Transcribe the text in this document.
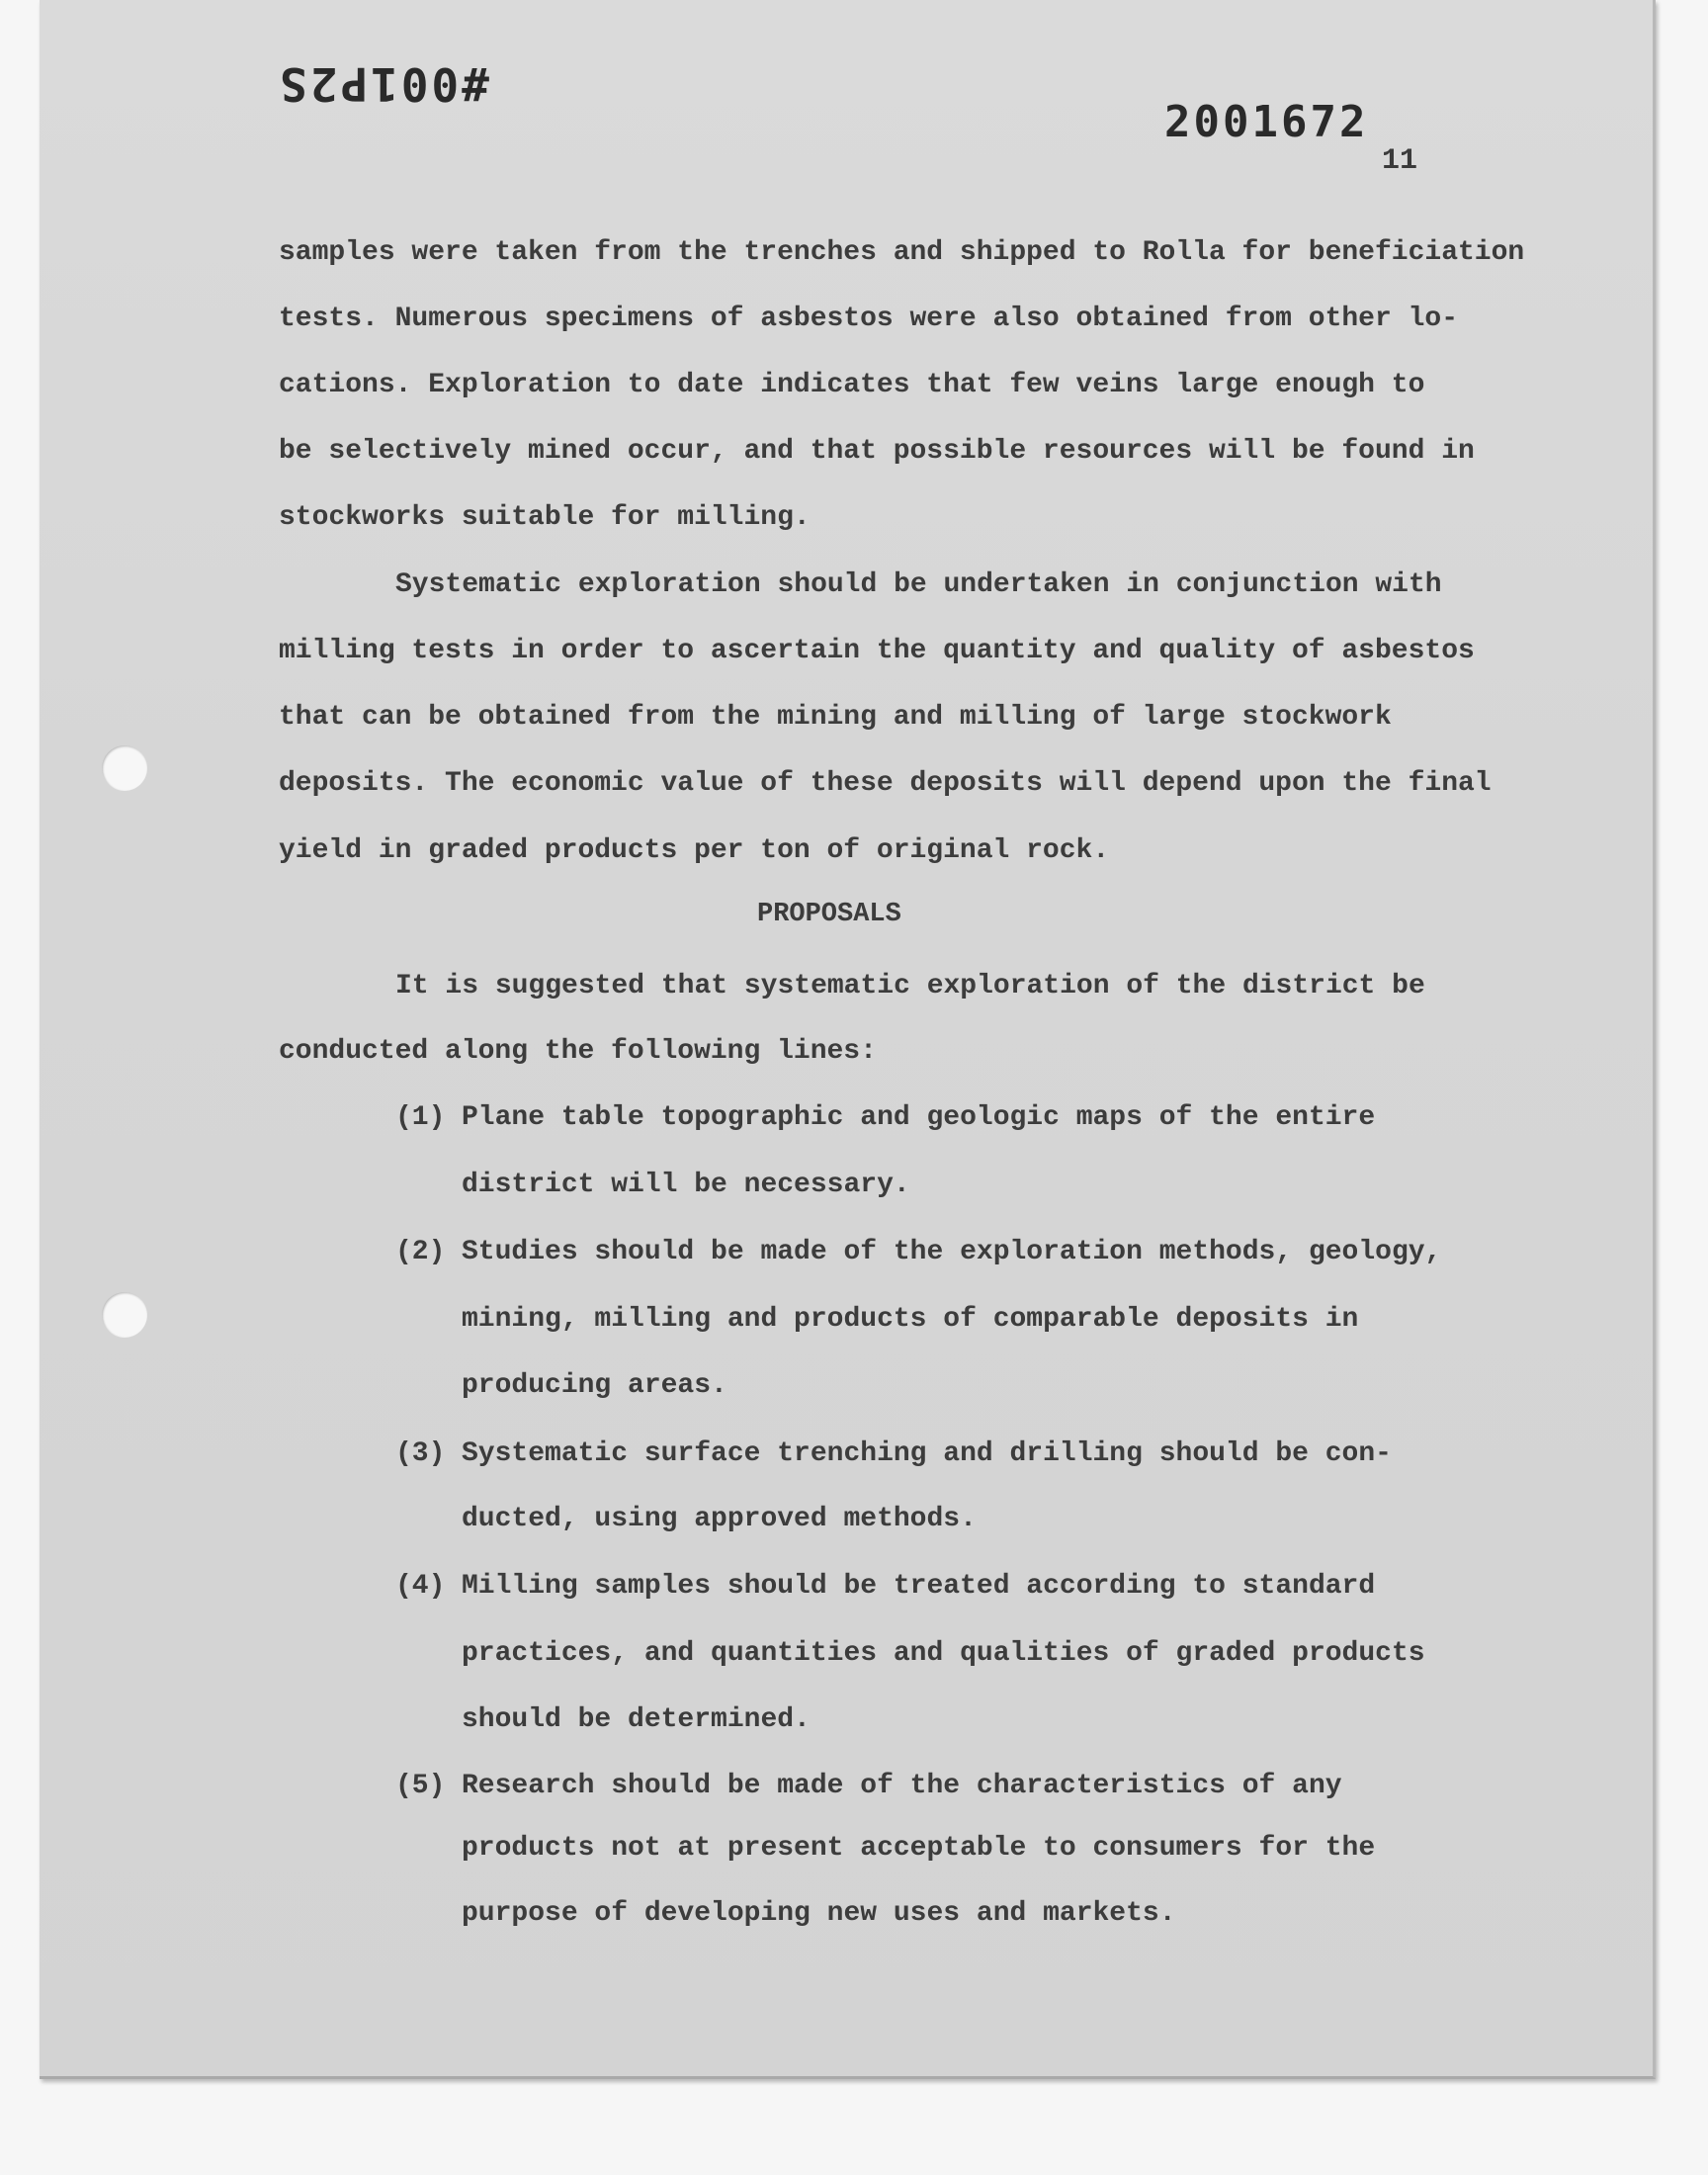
#001P2S
2001672
11
samples were taken from the trenches and shipped to Rolla for beneficiation
tests. Numerous specimens of asbestos were also obtained from other lo-
cations. Exploration to date indicates that few veins large enough to
be selectively mined occur, and that possible resources will be found in
stockworks suitable for milling.
Systematic exploration should be undertaken in conjunction with
milling tests in order to ascertain the quantity and quality of asbestos
that can be obtained from the mining and milling of large stockwork
deposits. The economic value of these deposits will depend upon the final
yield in graded products per ton of original rock.
PROPOSALS
It is suggested that systematic exploration of the district be
conducted along the following lines:
(1) Plane table topographic and geologic maps of the entire
district will be necessary.
(2) Studies should be made of the exploration methods, geology,
mining, milling and products of comparable deposits in
producing areas.
(3) Systematic surface trenching and drilling should be con-
ducted, using approved methods.
(4) Milling samples should be treated according to standard
practices, and quantities and qualities of graded products
should be determined.
(5) Research should be made of the characteristics of any
products not at present acceptable to consumers for the
purpose of developing new uses and markets.
